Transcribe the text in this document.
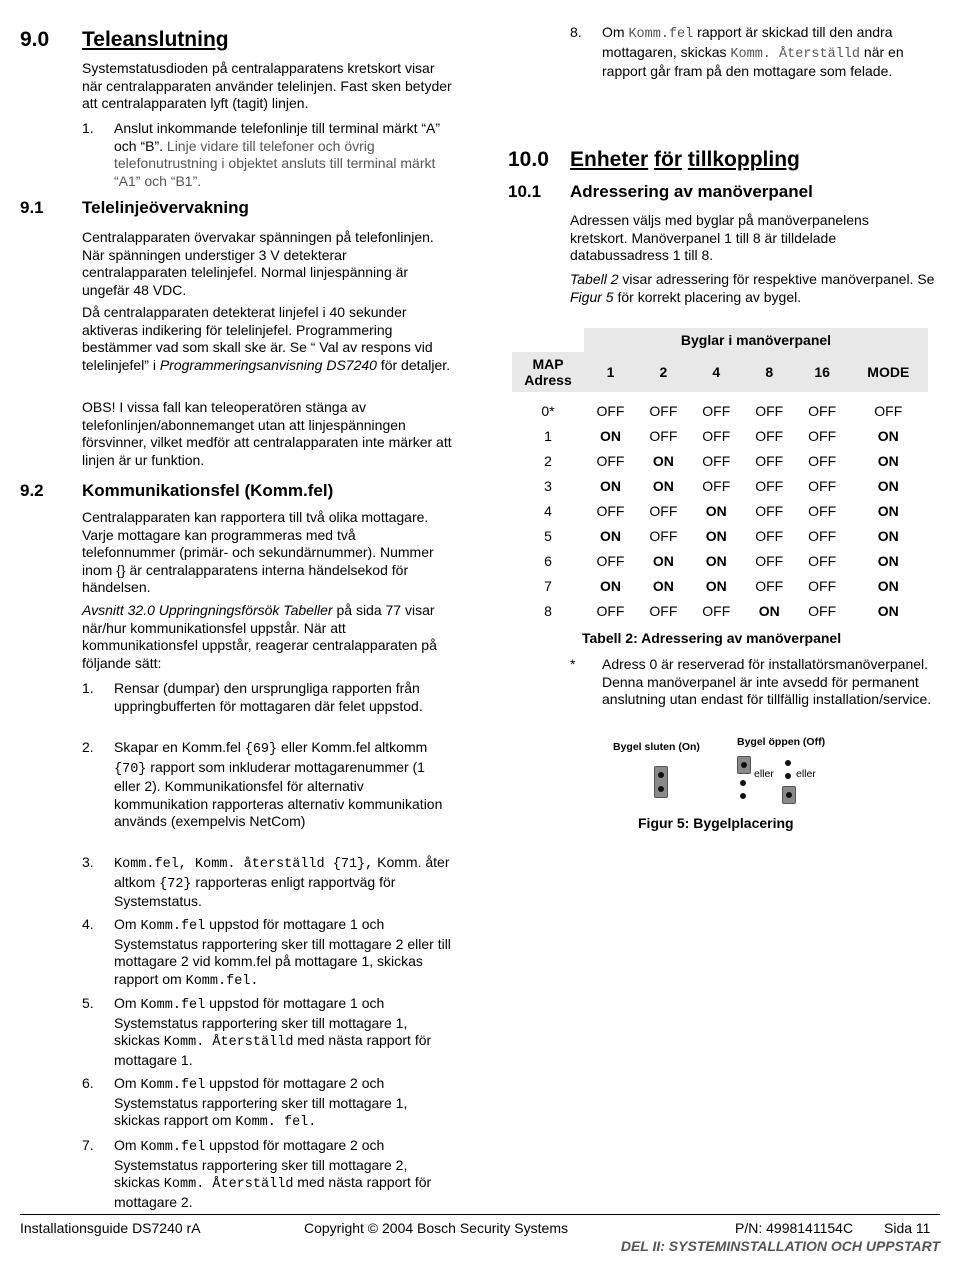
9.0	Teleanslutning
Systemstatusdioden på centralapparatens kretskort visar när centralapparaten använder telelinjen. Fast sken betyder att centralapparaten lyft (tagit) linjen.
1.	Anslut inkommande telefonlinje till terminal märkt “A” och “B”. Linje vidare till telefoner och övrig telefonutrustning i objektet ansluts till terminal märkt “A1” och “B1”.
9.1	Telelinjeövervakning
Centralapparaten övervakar spänningen på telefonlinjen. När spänningen understiger 3 V detekterar centralapparaten telelinjefel. Normal linjespänning är ungefär 48 VDC.
Då centralapparaten detekterat linjefel i 40 sekunder aktiveras indikering för telelinjefel. Programmering bestämmer vad som skall ske är. Se “ Val av respons vid telelinjefel” i Programmeringsanvisning DS7240 för detaljer.
OBS! I vissa fall kan teleoperatören stänga av telefonlinjen/abonnemanget utan att linjespänningen försvinner, vilket medför att centralapparaten inte märker att linjen är ur funktion.
9.2	Kommunikationsfel (Komm.fel)
Centralapparaten kan rapportera till två olika mottagare. Varje mottagare kan programmeras med två telefonnummer (primär- och sekundärnummer). Nummer inom {} är centralapparatens interna händelsekod för händelsen.
Avsnitt 32.0 Uppringningsförsök Tabeller på sida 77 visar när/hur kommunikationsfel uppstår. När att kommunikationsfel uppstår, reagerar centralapparaten på följande sätt:
1.	Rensar (dumpar) den ursprungliga rapporten från uppringbufferten för mottagaren där felet uppstod.
2.	Skapar en Komm.fel {69} eller Komm.fel altkomm {70} rapport som inkluderar mottagarenummer (1 eller 2). Kommunikationsfel för alternativ kommunikation rapporteras alternativ kommunikation används (exempelvis NetCom)
3.	Komm.fel, Komm. återställd {71}, Komm. åter altkom {72} rapporteras enligt rapportväg för Systemstatus.
4.	Om Komm.fel uppstod för mottagare 1 och Systemstatus rapportering sker till mottagare 2 eller till mottagare 2 vid komm.fel på mottagare 1, skickas rapport om Komm.fel.
5.	Om Komm.fel uppstod för mottagare 1 och Systemstatus rapportering sker till mottagare 1, skickas Komm. Återställd med nästa rapport för mottagare 1.
6.	Om Komm.fel uppstod för mottagare 2 och Systemstatus rapportering sker till mottagare 1, skickas rapport om Komm. fel.
7.	Om Komm.fel uppstod för mottagare 2 och Systemstatus rapportering sker till mottagare 2, skickas Komm. Återställd med nästa rapport för mottagare 2.
8.	Om Komm.fel rapport är skickad till den andra mottagaren, skickas Komm. Återställd när en rapport går fram på den mottagare som felade.
10.0	Enheter för tillkoppling
10.1	Adressering av manöverpanel
Adressen väljs med byglar på manöverpanelens kretskort. Manöverpanel 1 till 8 är tilldelade databussadress 1 till 8.
Tabell 2 visar adressering för respektive manöverpanel. Se Figur 5 för korrekt placering av bygel.
	Byglar i manöverpanel					
MAP
Adress	1	2	4	8	16	MODE

0*	OFF	OFF	OFF	OFF	OFF	OFF
1	ON	OFF	OFF	OFF	OFF	ON
2	OFF	ON	OFF	OFF	OFF	ON
3	ON	ON	OFF	OFF	OFF	ON
4	OFF	OFF	ON	OFF	OFF	ON
5	ON	OFF	ON	OFF	OFF	ON
6	OFF	ON	ON	OFF	OFF	ON
7	ON	ON	ON	OFF	OFF	ON
8	OFF	OFF	OFF	ON	OFF	ON
Tabell 2: Adressering av manöverpanel
*	Adress 0 är reserverad för installatörsmanöverpanel. Denna manöverpanel är inte avsedd för permanent anslutning utan endast för tillfällig installation/service.
Bygel sluten (On)	Bygel öppen (Off)
eller eller
Figur 5: Bygelplacering
Installationsguide DS7240 rA	Copyright © 2004 Bosch Security Systems	P/N: 4998141154C Sida 11
DEL II: SYSTEMINSTALLATION OCH UPPSTART
